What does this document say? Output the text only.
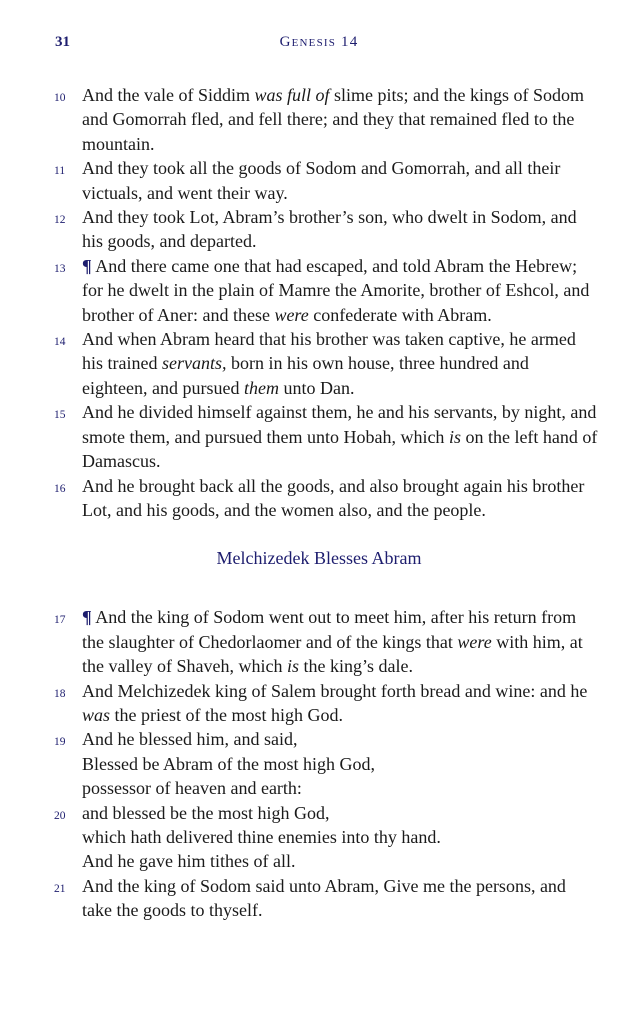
31	Genesis 14

10 And the vale of Siddim was full of slime pits; and the kings of Sodom and Gomorrah fled, and fell there; and they that remained fled to the mountain.

11 And they took all the goods of Sodom and Gomorrah, and all their victuals, and went their way.

12 And they took Lot, Abram’s brother’s son, who dwelt in Sodom, and his goods, and departed.

13 ¶ And there came one that had escaped, and told Abram the Hebrew; for he dwelt in the plain of Mamre the Amorite, brother of Eshcol, and brother of Aner: and these were confederate with Abram.

14 And when Abram heard that his brother was taken captive, he armed his trained servants, born in his own house, three hundred and eighteen, and pursued them unto Dan.

15 And he divided himself against them, he and his servants, by night, and smote them, and pursued them unto Hobah, which is on the left hand of Damascus.

16 And he brought back all the goods, and also brought again his brother Lot, and his goods, and the women also, and the people.

Melchizedek Blesses Abram

17 ¶ And the king of Sodom went out to meet him, after his return from the slaughter of Chedorlaomer and of the kings that were with him, at the valley of Shaveh, which is the king’s dale.

18 And Melchizedek king of Salem brought forth bread and wine: and he was the priest of the most high God.

19 And he blessed him, and said,
Blessed be Abram of the most high God,
possessor of heaven and earth:

20 and blessed be the most high God,
which hath delivered thine enemies into thy hand.
And he gave him tithes of all.

21 And the king of Sodom said unto Abram, Give me the persons, and take the goods to thyself.
